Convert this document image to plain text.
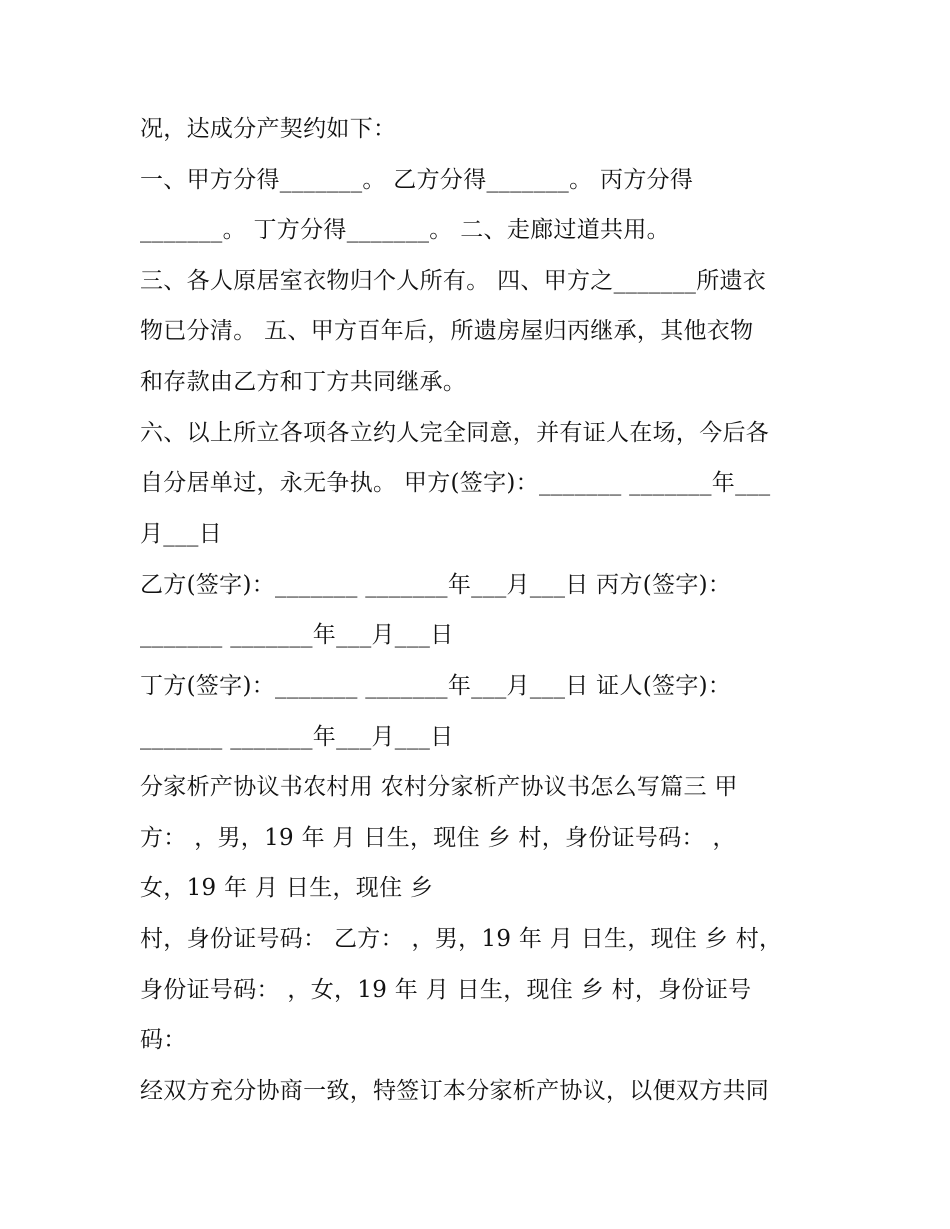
况，达成分产契约如下：
一、甲方分得_______。 乙方分得_______。 丙方分得
_______。 丁方分得_______。 二、走廊过道共用。
三、各人原居室衣物归个人所有。 四、甲方之_______所遗衣
物已分清。 五、甲方百年后，所遗房屋归丙继承，其他衣物
和存款由乙方和丁方共同继承。
六、以上所立各项各立约人完全同意，并有证人在场，今后各
自分居单过，永无争执。 甲方(签字)：_______ _______年___
月___日
乙方(签字)：_______ _______年___月___日 丙方(签字)：
_______ _______年___月___日
丁方(签字)：_______ _______年___月___日 证人(签字)：
_______ _______年___月___日
分家析产协议书农村用 农村分家析产协议书怎么写篇三 甲
方： ，男，19 年 月 日生，现住 乡 村，身份证号码： ，
女，19 年 月 日生，现住 乡
村，身份证号码： 乙方： ，男，19 年 月 日生，现住 乡 村，
身份证号码： ，女，19 年 月 日生，现住 乡 村，身份证号
码：
经双方充分协商一致，特签订本分家析产协议，以便双方共同
